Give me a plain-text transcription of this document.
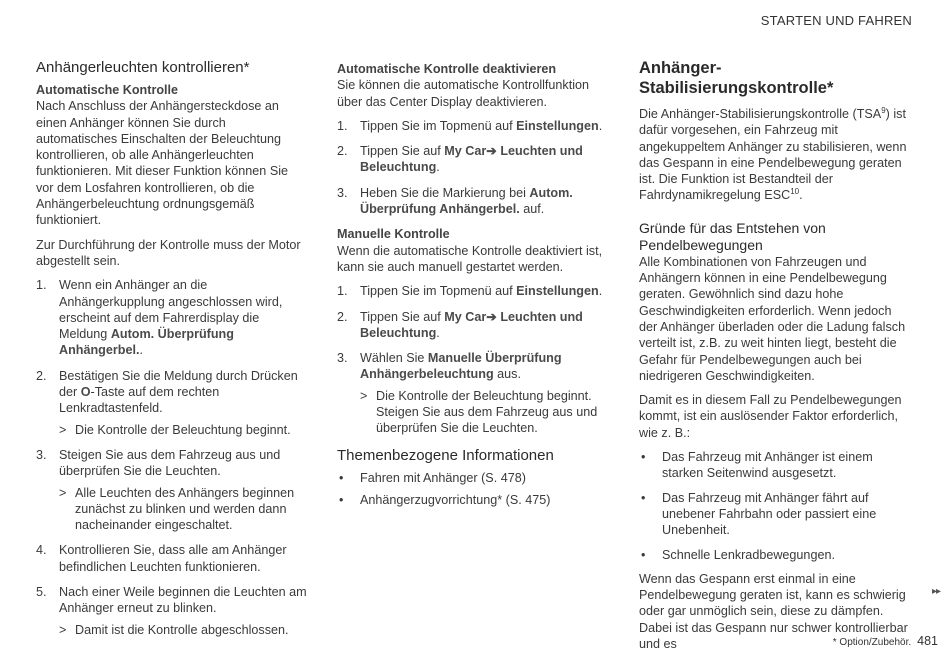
STARTEN UND FAHREN
Anhängerleuchten kontrollieren*
Automatische Kontrolle

Nach Anschluss der Anhängersteckdose an einen Anhänger können Sie durch automatisches Einschalten der Beleuchtung kontrollieren, ob alle Anhängerleuchten funktionieren. Mit dieser Funktion können Sie vor dem Losfahren kontrollieren, ob die Anhängerbeleuchtung ordnungsgemäß funktioniert.

Zur Durchführung der Kontrolle muss der Motor abgestellt sein.

1. Wenn ein Anhänger an die Anhängerkupplung angeschlossen wird, erscheint auf dem Fahrerdisplay die Meldung Autom. Überprüfung Anhängerbel..
2. Bestätigen Sie die Meldung durch Drücken der O-Taste auf dem rechten Lenkradtastenfeld.
> Die Kontrolle der Beleuchtung beginnt.
3. Steigen Sie aus dem Fahrzeug aus und überprüfen Sie die Leuchten.
> Alle Leuchten des Anhängers beginnen zunächst zu blinken und werden dann nacheinander eingeschaltet.
4. Kontrollieren Sie, dass alle am Anhänger befindlichen Leuchten funktionieren.
5. Nach einer Weile beginnen die Leuchten am Anhänger erneut zu blinken.
> Damit ist die Kontrolle abgeschlossen.
Automatische Kontrolle deaktivieren

Sie können die automatische Kontrollfunktion über das Center Display deaktivieren.

1. Tippen Sie im Topmenü auf Einstellungen.
2. Tippen Sie auf My Car➔ Leuchten und Beleuchtung.
3. Heben Sie die Markierung bei Autom. Überprüfung Anhängerbel. auf.
Manuelle Kontrolle

Wenn die automatische Kontrolle deaktiviert ist, kann sie auch manuell gestartet werden.

1. Tippen Sie im Topmenü auf Einstellungen.
2. Tippen Sie auf My Car➔ Leuchten und Beleuchtung.
3. Wählen Sie Manuelle Überprüfung Anhängerbeleuchtung aus.
> Die Kontrolle der Beleuchtung beginnt. Steigen Sie aus dem Fahrzeug aus und überprüfen Sie die Leuchten.
Themenbezogene Informationen
• Fahren mit Anhänger (S. 478)
• Anhängerzugvorrichtung* (S. 475)
Anhänger-Stabilisierungskontrolle*

Die Anhänger-Stabilisierungskontrolle (TSA$^9$) ist dafür vorgesehen, ein Fahrzeug mit angekuppeltem Anhänger zu stabilisieren, wenn das Gespann in eine Pendelbewegung geraten ist. Die Funktion ist Bestandteil der Fahrdynamikregelung ESC$^{10}$.

Gründe für das Entstehen von Pendelbewegungen

Alle Kombinationen von Fahrzeugen und Anhängern können in eine Pendelbewegung geraten. Gewöhnlich sind dazu hohe Geschwindigkeiten erforderlich. Wenn jedoch der Anhänger überladen oder die Ladung falsch verteilt ist, z.B. zu weit hinten liegt, besteht die Gefahr für Pendelbewegungen auch bei niedrigeren Geschwindigkeiten.

Damit es in diesem Fall zu Pendelbewegungen kommt, ist ein auslösender Faktor erforderlich, wie z. B.:

• Das Fahrzeug mit Anhänger ist einem starken Seitenwind ausgesetzt.
• Das Fahrzeug mit Anhänger fährt auf unebener Fahrbahn oder passiert eine Unebenheit.
• Schnelle Lenkradbewegungen.

Wenn das Gespann erst einmal in eine Pendelbewegung geraten ist, kann es schwierig oder gar unmöglich sein, diese zu dämpfen. Dabei ist das Gespann nur schwer kontrollierbar und es

▸▸
* Option/Zubehör. 481
